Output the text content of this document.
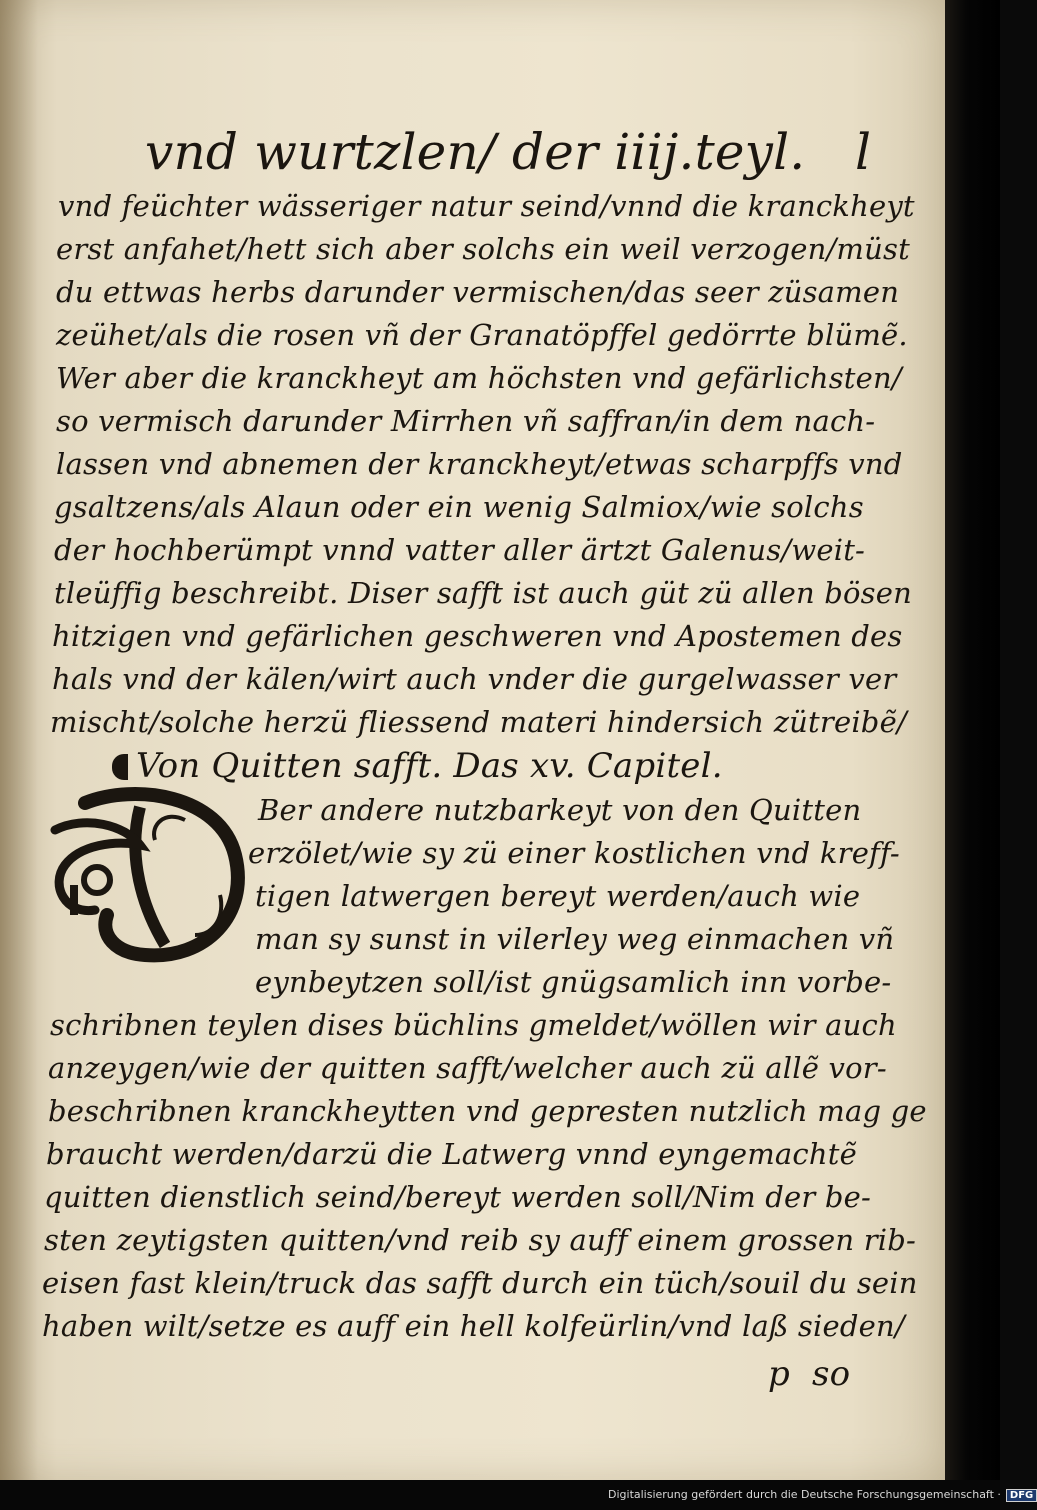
vnd wurtzlen/ der iiij.teyl. l
vnd feüchter wässeriger natur seind/vnnd die kranckheyt
erst anfahet/hett sich aber solchs ein weil verzogen/müst
du ettwas herbs darunder vermischen/das seer züsamen
zeühet/als die rosen vñ der Granatöpffel gedörrte blümẽ.
Wer aber die kranckheyt am höchsten vnd gefärlichsten/
so vermisch darunder Mirrhen vñ saffran/in dem nach-
lassen vnd abnemen der kranckheyt/etwas scharpffs vnd
gsaltzens/als Alaun oder ein wenig Salmiox/wie solchs
der hochberümpt vnnd vatter aller ärtzt Galenus/weit-
tleüffig beschreibt. Diser safft ist auch güt zü allen bösen
hitzigen vnd gefärlichen geschweren vnd Apostemen des
hals vnd der kälen/wirt auch vnder die gurgelwasser ver
mischt/solche herzü fliessend materi hindersich zütreibẽ/
Von Quitten safft. Das xv. Capitel.
D
Ber andere nutzbarkeyt von den Quitten
erzölet/wie sy zü einer kostlichen vnd kreff-
tigen latwergen bereyt werden/auch wie
man sy sunst in vilerley weg einmachen vñ
eynbeytzen soll/ist gnügsamlich inn vorbe-
schribnen teylen dises büchlins gmeldet/wöllen wir auch
anzeygen/wie der quitten safft/welcher auch zü allẽ vor-
beschribnen kranckheytten vnd gepresten nutzlich mag ge
braucht werden/darzü die Latwerg vnnd eyngemachtẽ
quitten dienstlich seind/bereyt werden soll/Nim der be-
sten zeytigsten quitten/vnd reib sy auff einem grossen rib-
eisen fast klein/truck das safft durch ein tüch/souil du sein
haben wilt/setze es auff ein hell kolfeürlin/vnd laß sieden/
p  so
Digitalisierung gefördert durch die Deutsche Forschungsgemeinschaft · DFG
